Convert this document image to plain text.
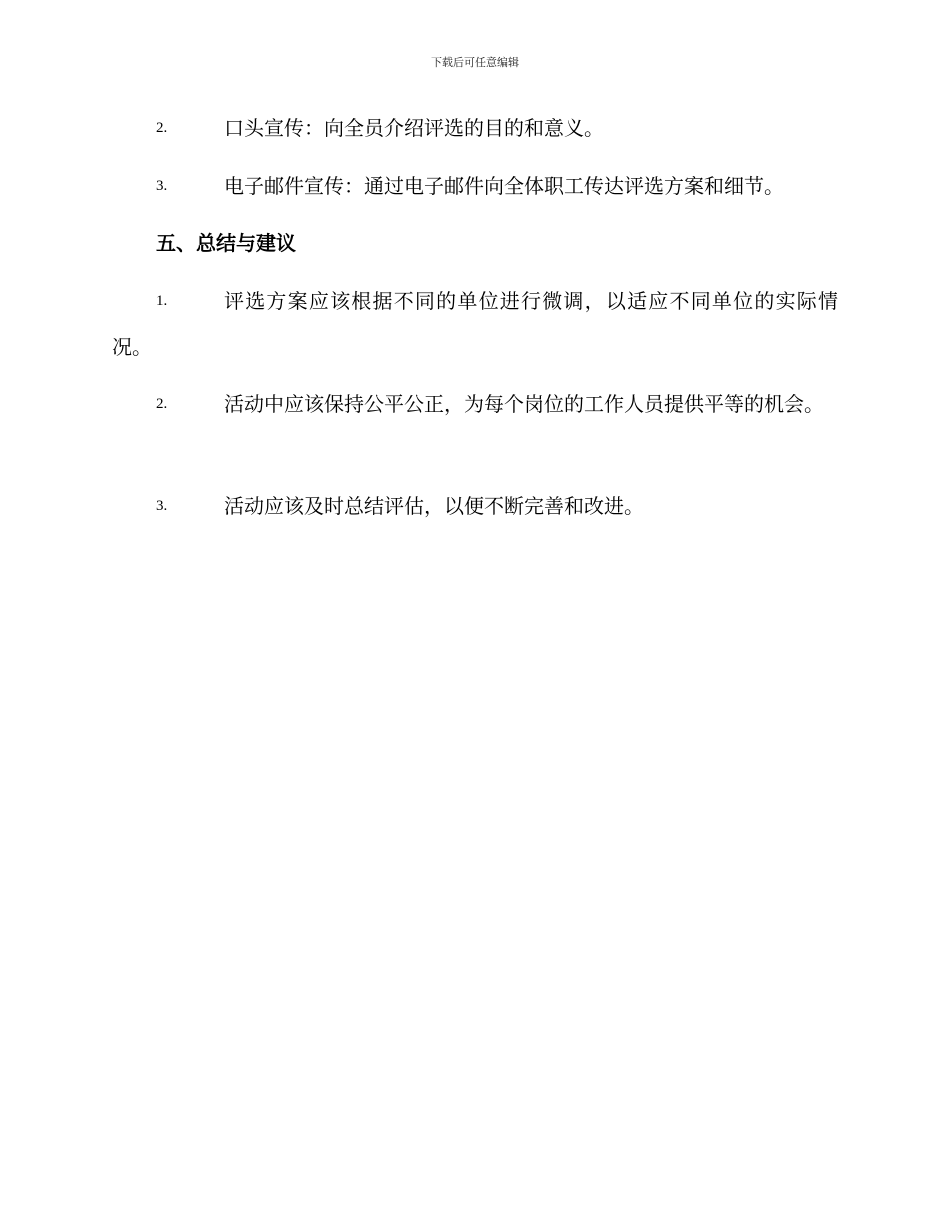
下载后可任意编辑
2.	口头宣传：向全员介绍评选的目的和意义。
3.	电子邮件宣传：通过电子邮件向全体职工传达评选方案和细节。
五、总结与建议
1.	评选方案应该根据不同的单位进行微调，以适应不同单位的实际情况。
2.	活动中应该保持公平公正，为每个岗位的工作人员提供平等的机会。
3.	活动应该及时总结评估，以便不断完善和改进。
